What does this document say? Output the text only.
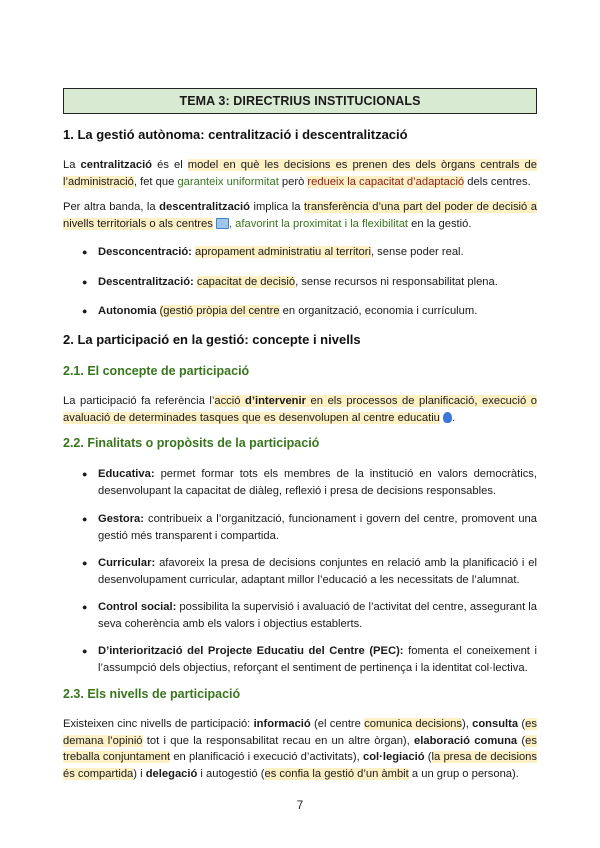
TEMA 3: DIRECTRIUS INSTITUCIONALS
1. La gestió autònoma: centralització i descentralització
La centralització és el model en què les decisions es prenen des dels òrgans centrals de l’administració, fet que garanteix uniformitat però redueix la capacitat d’adaptació dels centres.
Per altra banda, la descentralització implica la transferència d’una part del poder de decisió a nivells territorials o als centres , afavorint la proximitat i la flexibilitat en la gestió.
● Desconcentració: apropament administratiu al territori, sense poder real.
● Descentralització: capacitat de decisió, sense recursos ni responsabilitat plena.
● Autonomia (gestió pròpia del centre en organització, economia i currículum.
2. La participació en la gestió: concepte i nivells
2.1. El concepte de participació
La participació fa referència l’acció d’intervenir en els processos de planificació, execució o avaluació de determinades tasques que es desenvolupen al centre educatiu .
2.2. Finalitats o propòsits de la participació
● Educativa: permet formar tots els membres de la institució en valors democràtics, desenvolupant la capacitat de diàleg, reflexió i presa de decisions responsables.
● Gestora: contribueix a l’organització, funcionament i govern del centre, promovent una gestió més transparent i compartida.
● Curricular: afavoreix la presa de decisions conjuntes en relació amb la planificació i el desenvolupament curricular, adaptant millor l’educació a les necessitats de l’alumnat.
● Control social: possibilita la supervisió i avaluació de l’activitat del centre, assegurant la seva coherència amb els valors i objectius establerts.
● D’interiorització del Projecte Educatiu del Centre (PEC): fomenta el coneixement i l’assumpció dels objectius, reforçant el sentiment de pertinença i la identitat col·lectiva.
2.3. Els nivells de participació
Existeixen cinc nivells de participació: informació (el centre comunica decisions), consulta (es demana l’opinió tot i que la responsabilitat recau en un altre òrgan), elaboració comuna (es treballa conjuntament en planificació i execució d’activitats), col·legiació (la presa de decisions és compartida) i delegació i autogestió (es confia la gestió d’un àmbit a un grup o persona).
7
